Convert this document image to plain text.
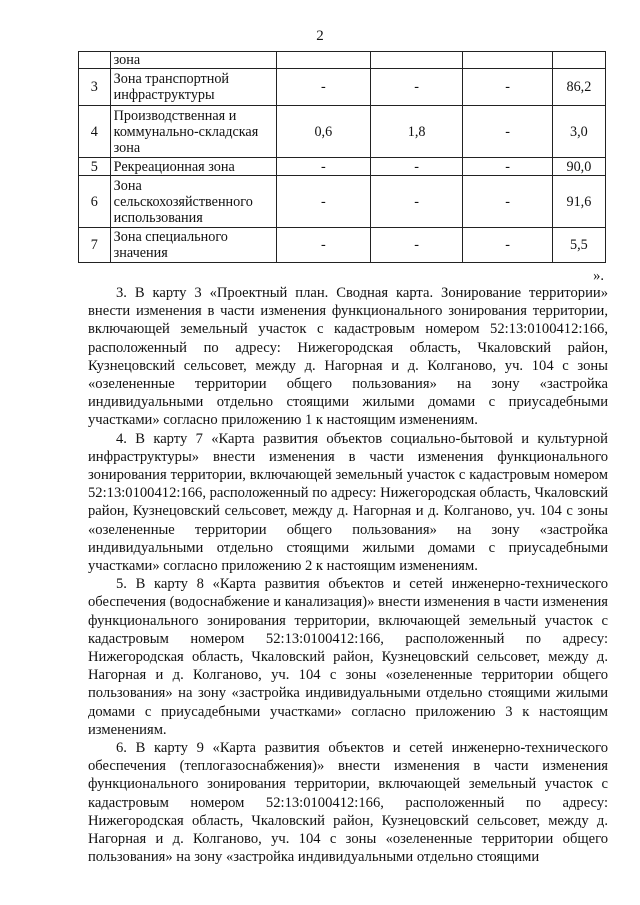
2
	зона				
3	Зона транспортной инфраструктуры	-	-	-	86,2
4	Производственная и коммунально-складская зона	0,6	1,8	-	3,0
5	Рекреационная зона	-	-	-	90,0
6	Зона сельскохозяйственного использования	-	-	-	91,6
7	Зона специального значения	-	-	-	5,5
».

3. В карту 3 «Проектный план. Сводная карта. Зонирование территории» внести изменения в части изменения функционального зонирования территории, включающей земельный участок с кадастровым номером 52:13:0100412:166, расположенный по адресу: Нижегородская область, Чкаловский район, Кузнецовский сельсовет, между д. Нагорная и д. Колганово, уч. 104 с зоны «озелененные территории общего пользования» на зону «застройка индивидуальными отдельно стоящими жилыми домами с приусадебными участками» согласно приложению 1 к настоящим изменениям.

4. В карту 7 «Карта развития объектов социально-бытовой и культурной инфраструктуры» внести изменения в части изменения функционального зонирования территории, включающей земельный участок с кадастровым номером 52:13:0100412:166, расположенный по адресу: Нижегородская область, Чкаловский район, Кузнецовский сельсовет, между д. Нагорная и д. Колганово, уч. 104 с зоны «озелененные территории общего пользования» на зону «застройка индивидуальными отдельно стоящими жилыми домами с приусадебными участками» согласно приложению 2 к настоящим изменениям.

5. В карту 8 «Карта развития объектов и сетей инженерно-технического обеспечения (водоснабжение и канализация)» внести изменения в части изменения функционального зонирования территории, включающей земельный участок с кадастровым номером 52:13:0100412:166, расположенный по адресу: Нижегородская область, Чкаловский район, Кузнецовский сельсовет, между д. Нагорная и д. Колганово, уч. 104 с зоны «озелененные территории общего пользования» на зону «застройка индивидуальными отдельно стоящими жилыми домами с приусадебными участками» согласно приложению 3 к настоящим изменениям.

6. В карту 9 «Карта развития объектов и сетей инженерно-технического обеспечения (теплогазоснабжения)» внести изменения в части изменения функционального зонирования территории, включающей земельный участок с кадастровым номером 52:13:0100412:166, расположенный по адресу: Нижегородская область, Чкаловский район, Кузнецовский сельсовет, между д. Нагорная и д. Колганово, уч. 104 с зоны «озелененные территории общего пользования» на зону «застройка индивидуальными отдельно стоящими
